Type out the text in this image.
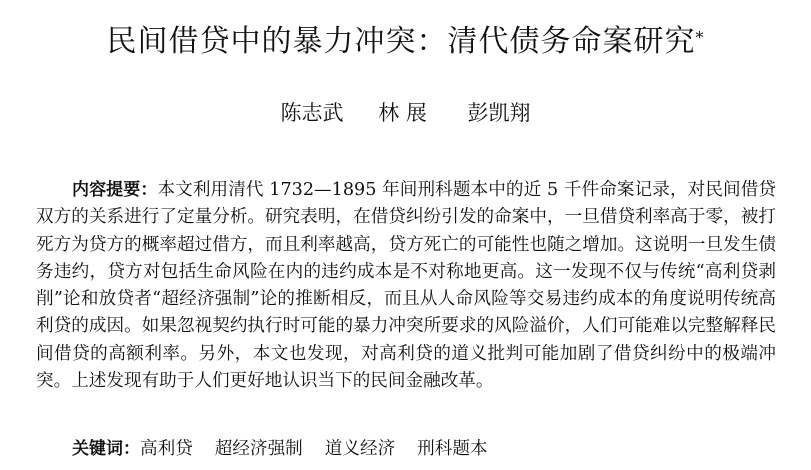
民间借贷中的暴力冲突：清代债务命案研究*
陈志武 林 展 彭凯翔
内容提要：本文利用清代 1732—1895 年间刑科题本中的近 5 千件命案记录，对民间借贷双方的关系进行了定量分析。研究表明，在借贷纠纷引发的命案中，一旦借贷利率高于零，被打死方为贷方的概率超过借方，而且利率越高，贷方死亡的可能性也随之增加。这说明一旦发生债务违约，贷方对包括生命风险在内的违约成本是不对称地更高。这一发现不仅与传统“高利贷剥削”论和放贷者“超经济强制”论的推断相反，而且从人命风险等交易违约成本的角度说明传统高利贷的成因。如果忽视契约执行时可能的暴力冲突所要求的风险溢价，人们可能难以完整解释民间借贷的高额利率。另外，本文也发现，对高利贷的道义批判可能加剧了借贷纠纷中的极端冲突。上述发现有助于人们更好地认识当下的民间金融改革。
关键词：高利贷 超经济强制 道义经济 刑科题本
